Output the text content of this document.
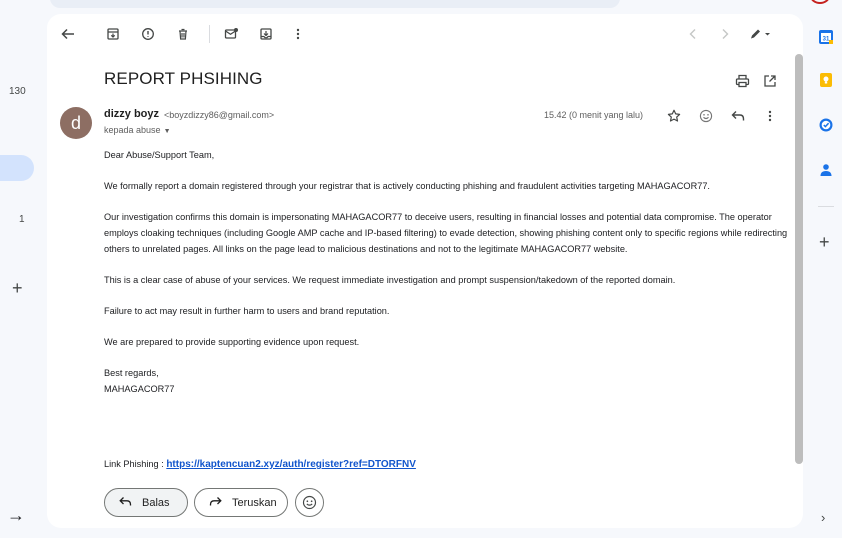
130
1
+
→
REPORT PHSIHING
d	dizzy boyz <boyzdizzy86@gmail.com>
kepada abuse ▼
15.42 (0 menit yang lalu)

Dear Abuse/Support Team,

We formally report a domain registered through your registrar that is actively conducting phishing and fraudulent activities targeting MAHAGACOR77.

Our investigation confirms this domain is impersonating MAHAGACOR77 to deceive users, resulting in financial losses and potential data compromise. The operator employs cloaking techniques (including Google AMP cache and IP-based filtering) to evade detection, showing phishing content only to specific regions while redirecting others to unrelated pages. All links on the page lead to malicious destinations and not to the legitimate MAHAGACOR77 website.

This is a clear case of abuse of your services. We request immediate investigation and prompt suspension/takedown of the reported domain.

Failure to act may result in further harm to users and brand reputation.

We are prepared to provide supporting evidence upon request.

Best regards,

MAHAGACOR77

Link Phishing : https://kaptencuan2.xyz/auth/register?ref=DTORFNV
Balas	Teruskan
31
+
›
